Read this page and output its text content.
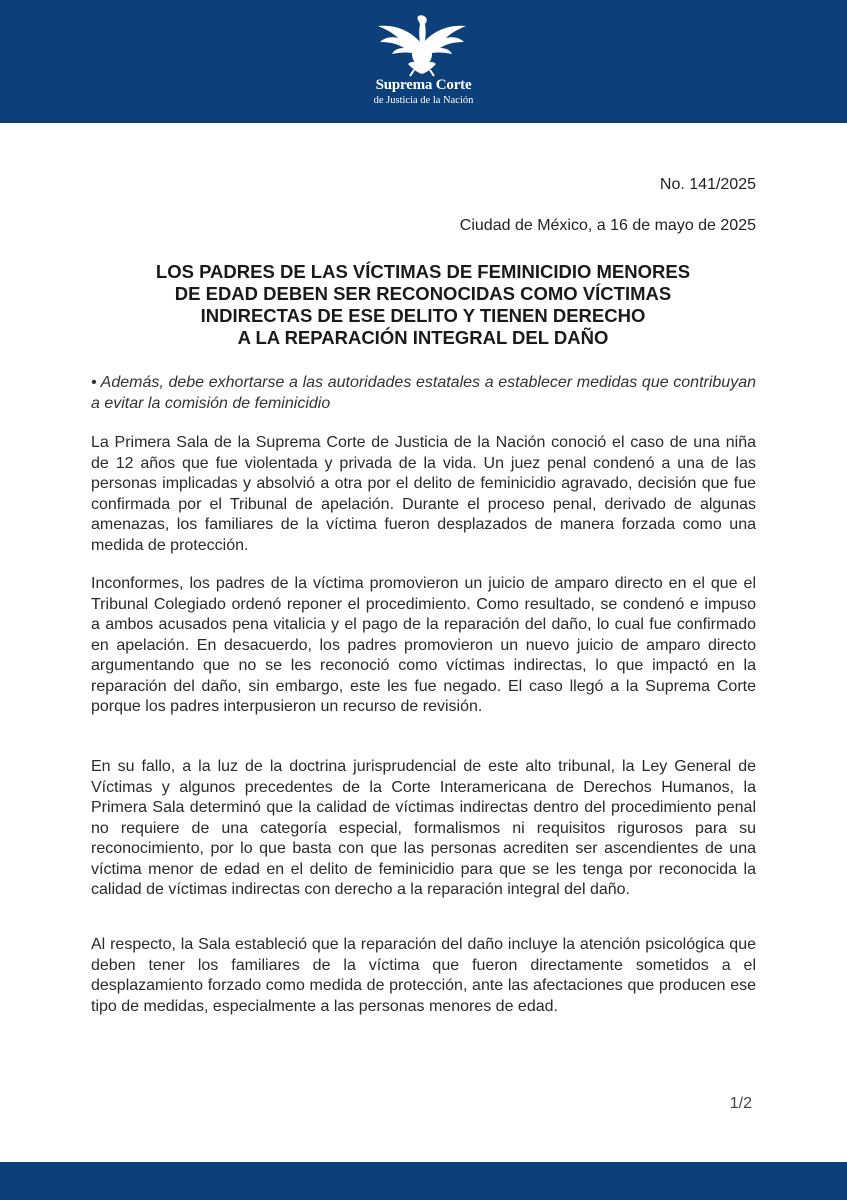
Suprema Corte
de Justicia de la Nación
No. 141/2025
Ciudad de México, a 16 de mayo de 2025
LOS PADRES DE LAS VÍCTIMAS DE FEMINICIDIO MENORES
DE EDAD DEBEN SER RECONOCIDAS COMO VÍCTIMAS
INDIRECTAS DE ESE DELITO Y TIENEN DERECHO
A LA REPARACIÓN INTEGRAL DEL DAÑO
• Además, debe exhortarse a las autoridades estatales a establecer medidas que contribuyan a evitar la comisión de feminicidio

La Primera Sala de la Suprema Corte de Justicia de la Nación conoció el caso de una niña de 12 años que fue violentada y privada de la vida. Un juez penal condenó a una de las personas implicadas y absolvió a otra por el delito de feminicidio agravado, decisión que fue confirmada por el Tribunal de apelación. Durante el proceso penal, derivado de algunas amenazas, los familiares de la víctima fueron desplazados de manera forzada como una medida de protección.

Inconformes, los padres de la víctima promovieron un juicio de amparo directo en el que el Tribunal Colegiado ordenó reponer el procedimiento. Como resultado, se condenó e impuso a ambos acusados pena vitalicia y el pago de la reparación del daño, lo cual fue confirmado en apelación. En desacuerdo, los padres promovieron un nuevo juicio de amparo directo argumentando que no se les reconoció como víctimas indirectas, lo que impactó en la reparación del daño, sin embargo, este les fue negado. El caso llegó a la Suprema Corte porque los padres interpusieron un recurso de revisión.

En su fallo, a la luz de la doctrina jurisprudencial de este alto tribunal, la Ley General de Víctimas y algunos precedentes de la Corte Interamericana de Derechos Humanos, la Primera Sala determinó que la calidad de víctimas indirectas dentro del procedimiento penal no requiere de una categoría especial, formalismos ni requisitos rigurosos para su reconocimiento, por lo que basta con que las personas acrediten ser ascendientes de una víctima menor de edad en el delito de feminicidio para que se les tenga por reconocida la calidad de víctimas indirectas con derecho a la reparación integral del daño.

Al respecto, la Sala estableció que la reparación del daño incluye la atención psicológica que deben tener los familiares de la víctima que fueron directamente sometidos a el desplazamiento forzado como medida de protección, ante las afectaciones que producen ese tipo de medidas, especialmente a las personas menores de edad.

1/2
